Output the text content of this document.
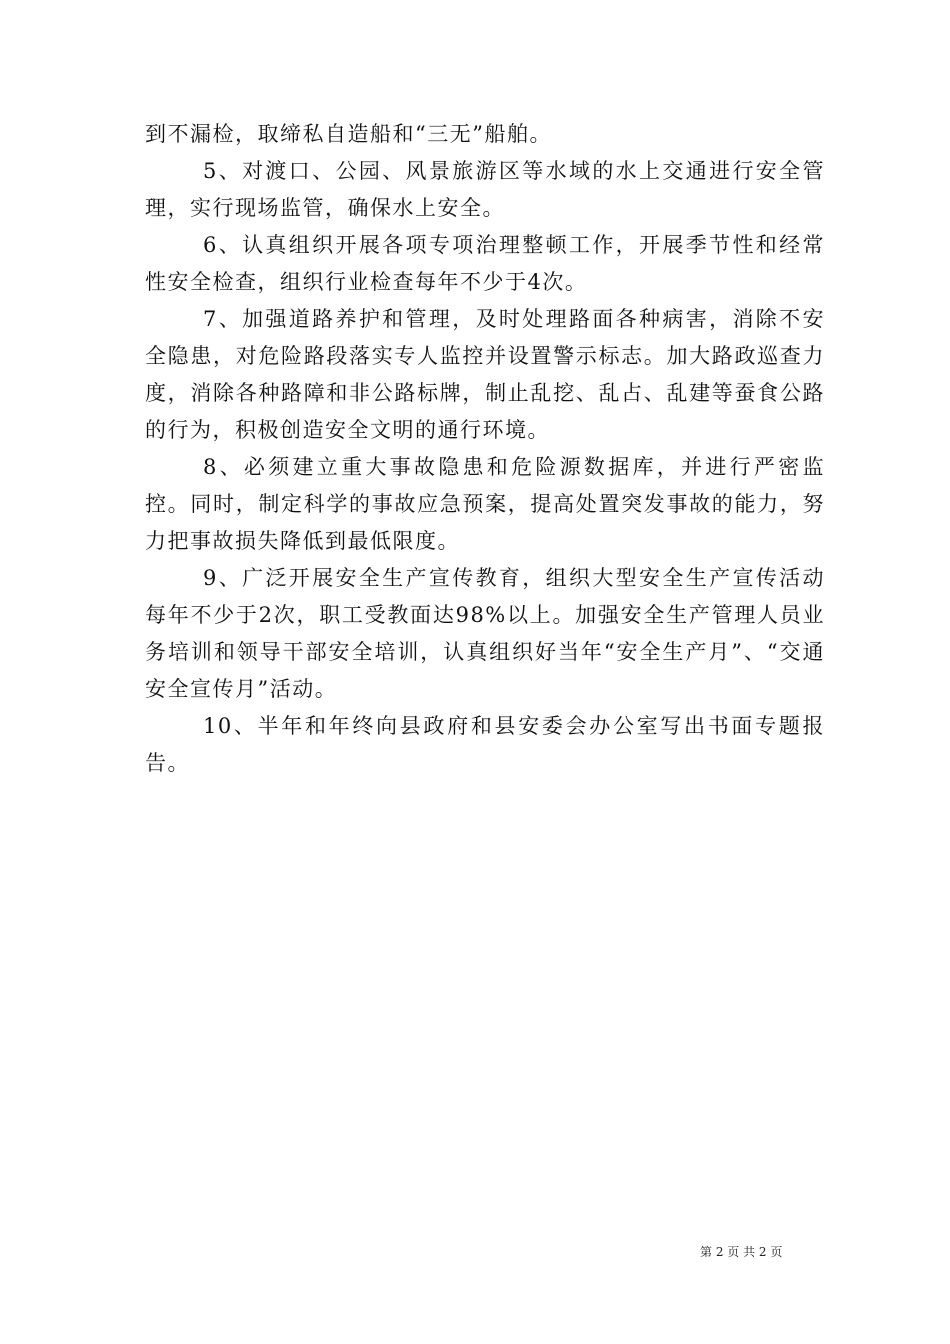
到不漏检，取缔私自造船和“三无”船舶。

5、对渡口、公园、风景旅游区等水域的水上交通进行安全管理，实行现场监管，确保水上安全。

6、认真组织开展各项专项治理整顿工作，开展季节性和经常性安全检查，组织行业检查每年不少于4次。

7、加强道路养护和管理，及时处理路面各种病害，消除不安全隐患，对危险路段落实专人监控并设置警示标志。加大路政巡查力度，消除各种路障和非公路标牌，制止乱挖、乱占、乱建等蚕食公路的行为，积极创造安全文明的通行环境。

8、必须建立重大事故隐患和危险源数据库，并进行严密监控。同时，制定科学的事故应急预案，提高处置突发事故的能力，努力把事故损失降低到最低限度。

9、广泛开展安全生产宣传教育，组织大型安全生产宣传活动每年不少于2次，职工受教面达98%以上。加强安全生产管理人员业务培训和领导干部安全培训，认真组织好当年“安全生产月”、“交通安全宣传月”活动。

10、半年和年终向县政府和县安委会办公室写出书面专题报告。

第 2 页 共 2 页
